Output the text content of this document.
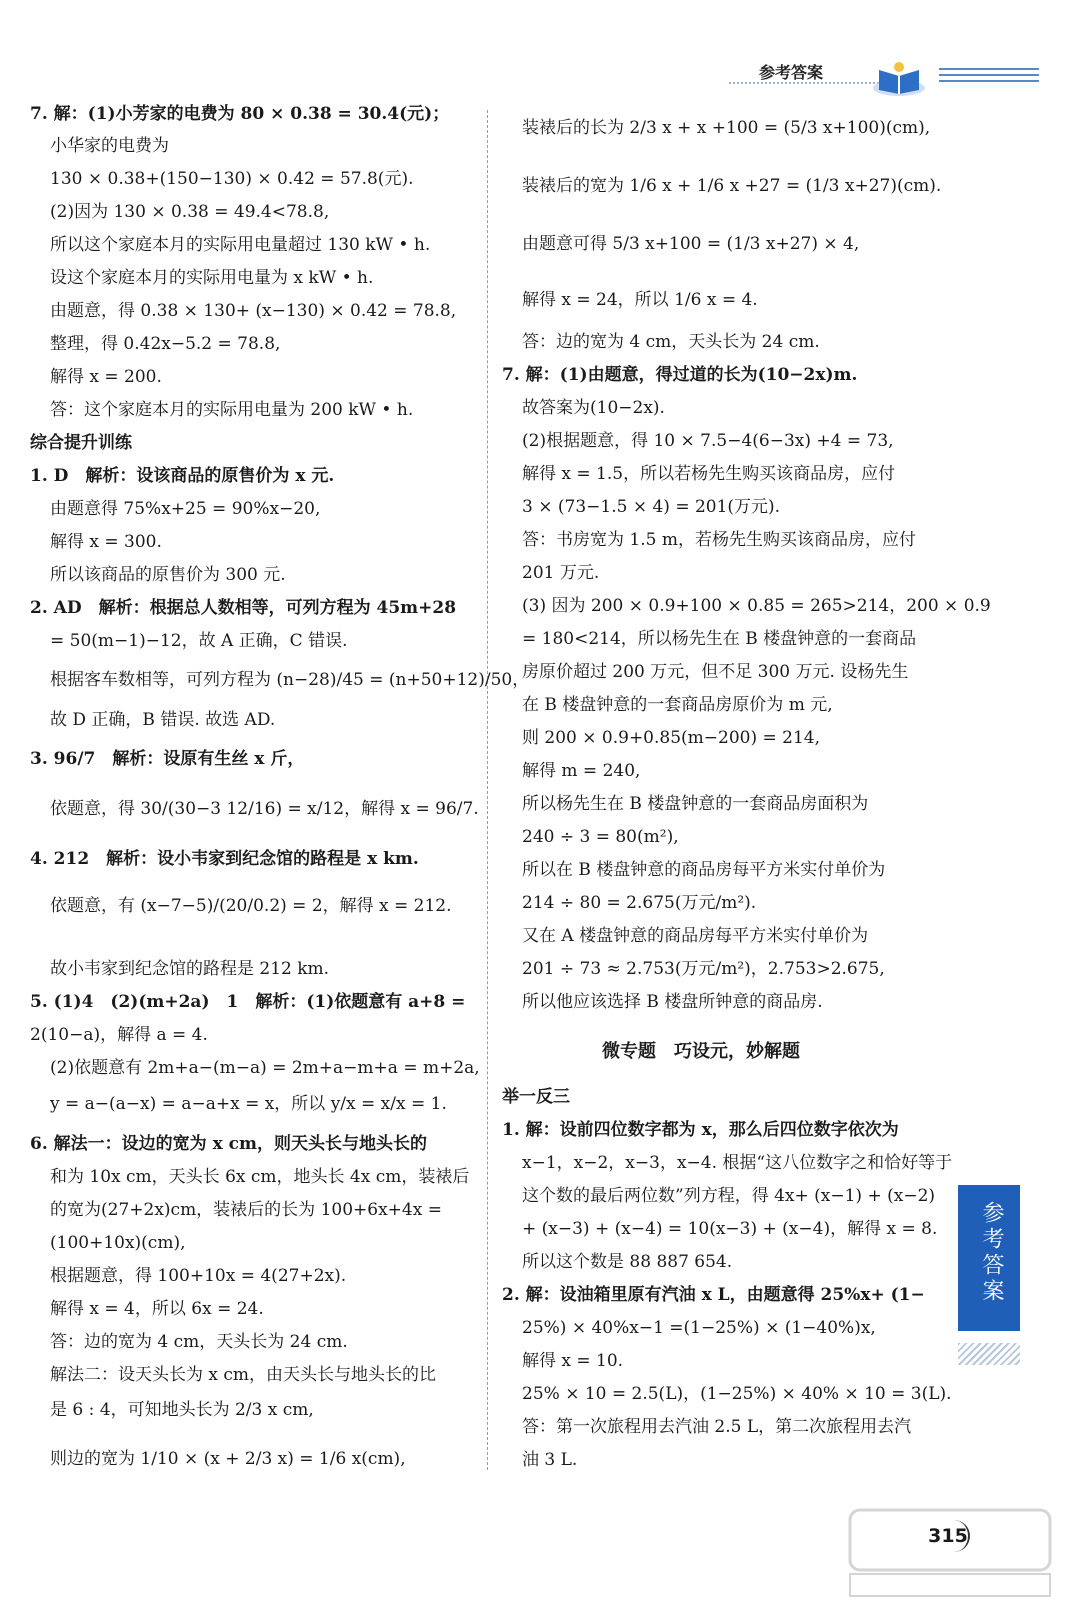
参考答案
7. 解：(1)小芳家的电费为 80 × 0.38 = 30.4(元)；
小华家的电费为
130 × 0.38+(150−130) × 0.42 = 57.8(元).
(2)因为 130 × 0.38 = 49.4<78.8,
所以这个家庭本月的实际用电量超过 130 kW • h.
设这个家庭本月的实际用电量为 x kW • h.
由题意，得 0.38 × 130+ (x−130) × 0.42 = 78.8,
整理，得 0.42x−5.2 = 78.8,
解得 x = 200.
答：这个家庭本月的实际用电量为 200 kW • h.
综合提升训练
1. D　解析：设该商品的原售价为 x 元.
由题意得 75%x+25 = 90%x−20,
解得 x = 300.
所以该商品的原售价为 300 元.
2. AD　解析：根据总人数相等，可列方程为 45m+28
= 50(m−1)−12，故 A 正确，C 错误.
根据客车数相等，可列方程为 (n−28)/45 = (n+50+12)/50，
故 D 正确，B 错误. 故选 AD.
3. 96/7　解析：设原有生丝 x 斤，
依题意，得 30/(30−3 12/16) = x/12，解得 x = 96/7.
4. 212　解析：设小韦家到纪念馆的路程是 x km.
依题意，有 (x−7−5)/(20/0.2) = 2，解得 x = 212.
故小韦家到纪念馆的路程是 212 km.
5. (1)4　(2)(m+2a)　1　解析：(1)依题意有 a+8 =
2(10−a)，解得 a = 4.
(2)依题意有 2m+a−(m−a) = 2m+a−m+a = m+2a,
y = a−(a−x) = a−a+x = x，所以 y/x = x/x = 1.
6. 解法一：设边的宽为 x cm，则天头长与地头长的
和为 10x cm，天头长 6x cm，地头长 4x cm，装裱后
的宽为(27+2x)cm，装裱后的长为 100+6x+4x =
(100+10x)(cm),
根据题意，得 100+10x = 4(27+2x).
解得 x = 4，所以 6x = 24.
答：边的宽为 4 cm，天头长为 24 cm.
解法二：设天头长为 x cm，由天头长与地头长的比
是 6 : 4，可知地头长为 2/3 x cm,
则边的宽为 1/10 × (x + 2/3 x) = 1/6 x(cm),
装裱后的长为 2/3 x + x +100 = (5/3 x+100)(cm),
装裱后的宽为 1/6 x + 1/6 x +27 = (1/3 x+27)(cm).
由题意可得 5/3 x+100 = (1/3 x+27) × 4,
解得 x = 24，所以 1/6 x = 4.
答：边的宽为 4 cm，天头长为 24 cm.
7. 解：(1)由题意，得过道的长为(10−2x)m.
故答案为(10−2x).
(2)根据题意，得 10 × 7.5−4(6−3x) +4 = 73,
解得 x = 1.5，所以若杨先生购买该商品房，应付
3 × (73−1.5 × 4) = 201(万元).
答：书房宽为 1.5 m，若杨先生购买该商品房，应付
201 万元.
(3) 因为 200 × 0.9+100 × 0.85 = 265>214，200 × 0.9
= 180<214，所以杨先生在 B 楼盘钟意的一套商品
房原价超过 200 万元，但不足 300 万元. 设杨先生
在 B 楼盘钟意的一套商品房原价为 m 元,
则 200 × 0.9+0.85(m−200) = 214,
解得 m = 240,
所以杨先生在 B 楼盘钟意的一套商品房面积为
240 ÷ 3 = 80(m²),
所以在 B 楼盘钟意的商品房每平方米实付单价为
214 ÷ 80 = 2.675(万元/m²).
又在 A 楼盘钟意的商品房每平方米实付单价为
201 ÷ 73 ≈ 2.753(万元/m²)，2.753>2.675,
所以他应该选择 B 楼盘所钟意的商品房.
微专题　巧设元，妙解题
举一反三
1. 解：设前四位数字都为 x，那么后四位数字依次为
x−1，x−2，x−3，x−4. 根据“这八位数字之和恰好等于
这个数的最后两位数”列方程，得 4x+ (x−1) + (x−2)
+ (x−3) + (x−4) = 10(x−3) + (x−4)，解得 x = 8.
所以这个数是 88 887 654.
2. 解：设油箱里原有汽油 x L，由题意得 25%x+ (1−
25%) × 40%x−1 =(1−25%) × (1−40%)x,
解得 x = 10.
25% × 10 = 2.5(L)，(1−25%) × 40% × 10 = 3(L).
答：第一次旅程用去汽油 2.5 L，第二次旅程用去汽
油 3 L.
参考答案
315
